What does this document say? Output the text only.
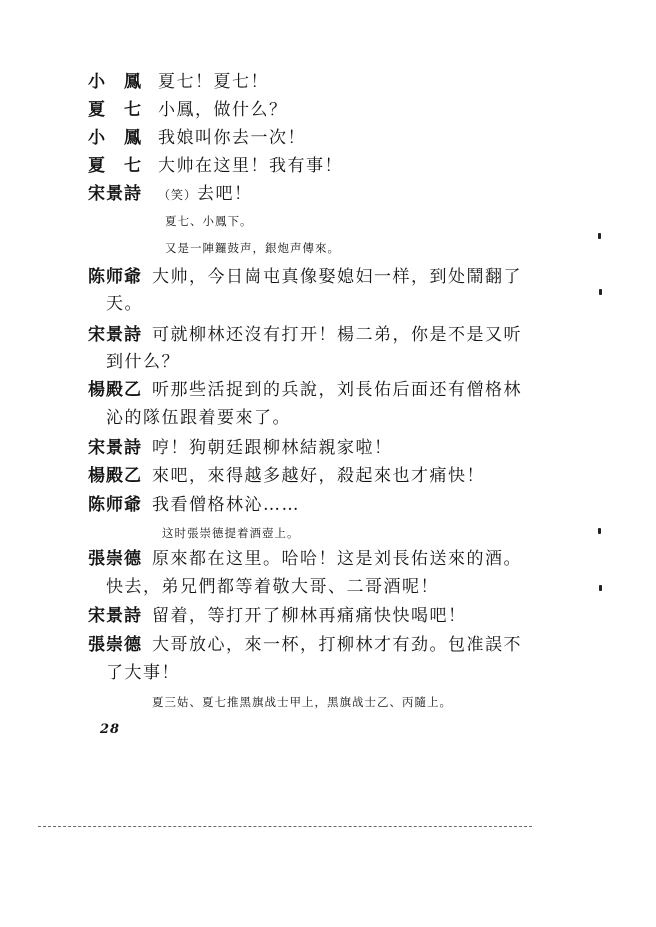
小　鳳 夏七！夏七！
夏　七 小鳳，做什么？
小　鳳 我娘叫你去一次！
夏　七 大帅在这里！我有事！
宋景詩 （笑）去吧！
夏七、小鳳下。
又是一陣鑼鼓声，銀炮声傳來。
陈师爺 大帅，今日崗屯真像娶媳妇一样，到处鬧翻了
天。
宋景詩 可就柳林还沒有打开！楊二弟，你是不是又听
到什么？
楊殿乙 听那些活捉到的兵說，刘長佑后面还有僧格林
沁的隊伍跟着要來了。
宋景詩 哼！狗朝廷跟柳林結親家啦！
楊殿乙 來吧，來得越多越好，殺起來也才痛快！
陈师爺 我看僧格林沁……
这时張崇德提着酒壺上。
張崇德 原來都在这里。哈哈！这是刘長佑送來的酒。
快去，弟兄們都等着敬大哥、二哥酒呢！
宋景詩 留着，等打开了柳林再痛痛快快喝吧！
張崇德 大哥放心，來一杯，打柳林才有劲。包准誤不
了大事！
夏三姑、夏七推黑旗战士甲上，黑旗战士乙、丙隨上。
28
